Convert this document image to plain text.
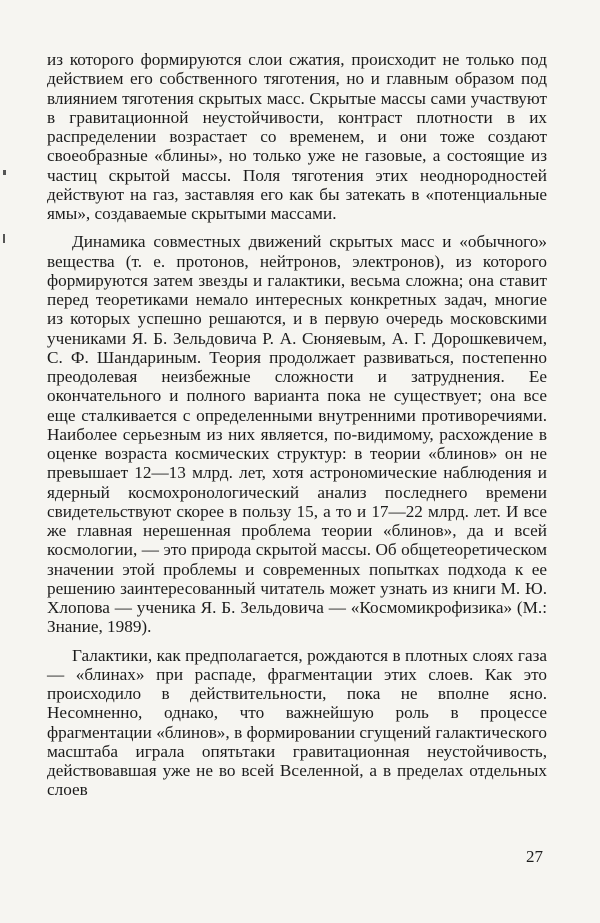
из которого формируются слои сжатия, происходит не только под действием его собственного тяготения, но и главным образом под влиянием тяготения скрытых масс. Скрытые массы сами участвуют в гравитационной неустойчивости, контраст плотности в их распределении возрастает со временем, и они тоже создают своеобразные «блины», но только уже не газовые, а состоящие из частиц скрытой массы. Поля тяготения этих неоднородностей действуют на газ, заставляя его как бы затекать в «потенциальные ямы», создаваемые скрытыми массами.

Динамика совместных движений скрытых масс и «обычного» вещества (т. е. протонов, нейтронов, электронов), из которого формируются затем звезды и галактики, весьма сложна; она ставит перед теоретиками немало интересных конкретных задач, многие из которых успешно решаются, и в первую очередь московскими учениками Я. Б. Зельдовича Р. А. Сюняевым, А. Г. Дорошкевичем, С. Ф. Шандариным. Теория продолжает развиваться, постепенно преодолевая неизбежные сложности и затруднения. Ее окончательного и полного варианта пока не существует; она все еще сталкивается с определенными внутренними противоречиями. Наиболее серьезным из них является, по-видимому, расхождение в оценке возраста космических структур: в теории «блинов» он не превышает 12—13 млрд. лет, хотя астрономические наблюдения и ядерный космохронологический анализ последнего времени свидетельствуют скорее в пользу 15, а то и 17—22 млрд. лет. И все же главная нерешенная проблема теории «блинов», да и всей космологии, — это природа скрытой массы. Об общетеоретическом значении этой проблемы и современных попытках подхода к ее решению заинтересованный читатель может узнать из книги М. Ю. Хлопова — ученика Я. Б. Зельдовича — «Космомикрофизика» (М.: Знание, 1989).

Галактики, как предполагается, рождаются в плотных слоях газа — «блинах» при распаде, фрагментации этих слоев. Как это происходило в действительности, пока не вполне ясно. Несомненно, однако, что важнейшую роль в процессе фрагментации «блинов», в формировании сгущений галактического масштаба играла опятьтаки гравитационная неустойчивость, действовавшая уже не во всей Вселенной, а в пределах отдельных слоев

27
